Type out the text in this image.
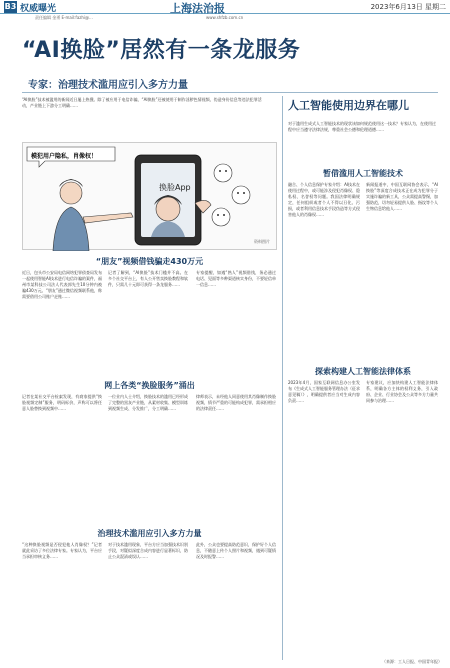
B3 权威曝光	上海法治报	2023年6月13日 星期二
责任编辑 金勇 E-mail:fazhi@...	www.shfzb.com.cn
“AI换脸”居然有一条龙服务
专家：治理技术滥用应引入多方力量
“AI换脸”技术被滥用的新闻近日屡上热搜。除了被应用于电信诈骗，“AI换脸”还被使用于制作淫秽色情视频、伪造身份信息等违法犯罪活动，产业链上下游分工明确……
模犯用户隐私，肖像权！
换脸App
资料图片
人工智能使用边界在哪儿
对于滥用生成式人工智能技术的现状该如何规范使用这一技术？专家认为，在使用过程中应当遵守法律法规，尊重社会公德和伦理道德……
暂借滥用人工智能技术
融合、个人信息保护专家介绍：AI技术在使用过程中，或可能涉及侵犯肖像权、隐私权、名誉权等问题。我国法律明确规定，任何组织或者个人不得以丑化、污损，或者利用信息技术手段伪造等方式侵害他人的肖像权……
新闻报道中，中国互联网协会表示，“AI换脸”等深度合成技术正在成为犯罪分子实施诈骗的新工具，公众需提高警惕，加强防范，切勿轻易提供人脸、指纹等个人生物信息给他人……
“朋友”视频借钱骗走430万元
近日，包头市公安局电信网络犯罪侦查局发布一起使用智能AI技术进行电信诈骗的案件，福州市某科技公司法人代表郭先生10分钟内被骗430万元。“朋友”通过微信视频联系他，称需要借用公司账户走账……
记者了解到，“AI换脸”技术门槛并不高。在多个社交平台上，有人公开售卖换脸教程和软件，只需几十元即可获得一条龙服务……
专家提醒，如遇“熟人”视频借钱，务必通过电话、见面等多种渠道核实身份，不要轻信单一信息……
网上各类“换脸服务”涌出
记者在某社交平台检索发现，有商家提供“换脸视频定制”服务，明码标价，声称可以将任意人脸替换到视频中……
一位业内人士介绍，换脸技术的滥用已经形成了完整的黑灰产业链，从素材收集、模型训练到视频生成、分发推广，分工明确……
律师表示，未经他人同意使用其肖像制作换脸视频，情节严重的可能构成犯罪，需承担相应的法律责任……
探索构建人工智能法律体系
2023年4月，国家互联网信息办公室发布《生成式人工智能服务管理办法（征求意见稿）》，明确提供者应当对生成内容负责……
专家建议，应加快构建人工智能法律体系，明确各方主体的权利义务，引入政府、企业、行业协会及公众等多方力量共同参与治理……
治理技术滥用应引入多方力量
“这种换脸视频是否侵犯他人肖像权？”记者就此采访了多位法律专家。专家认为，平台应当承担审核义务……
对于技术滥用现象，平台方应当加强技术识别手段，对疑似深度合成内容进行显著标识，防止公众混淆或误认……
此外，公众也要提高防范意识，保护好个人信息，不随意上传个人照片和视频，遇到可疑情况及时报警……
（来源：工人日报、中国青年报）
